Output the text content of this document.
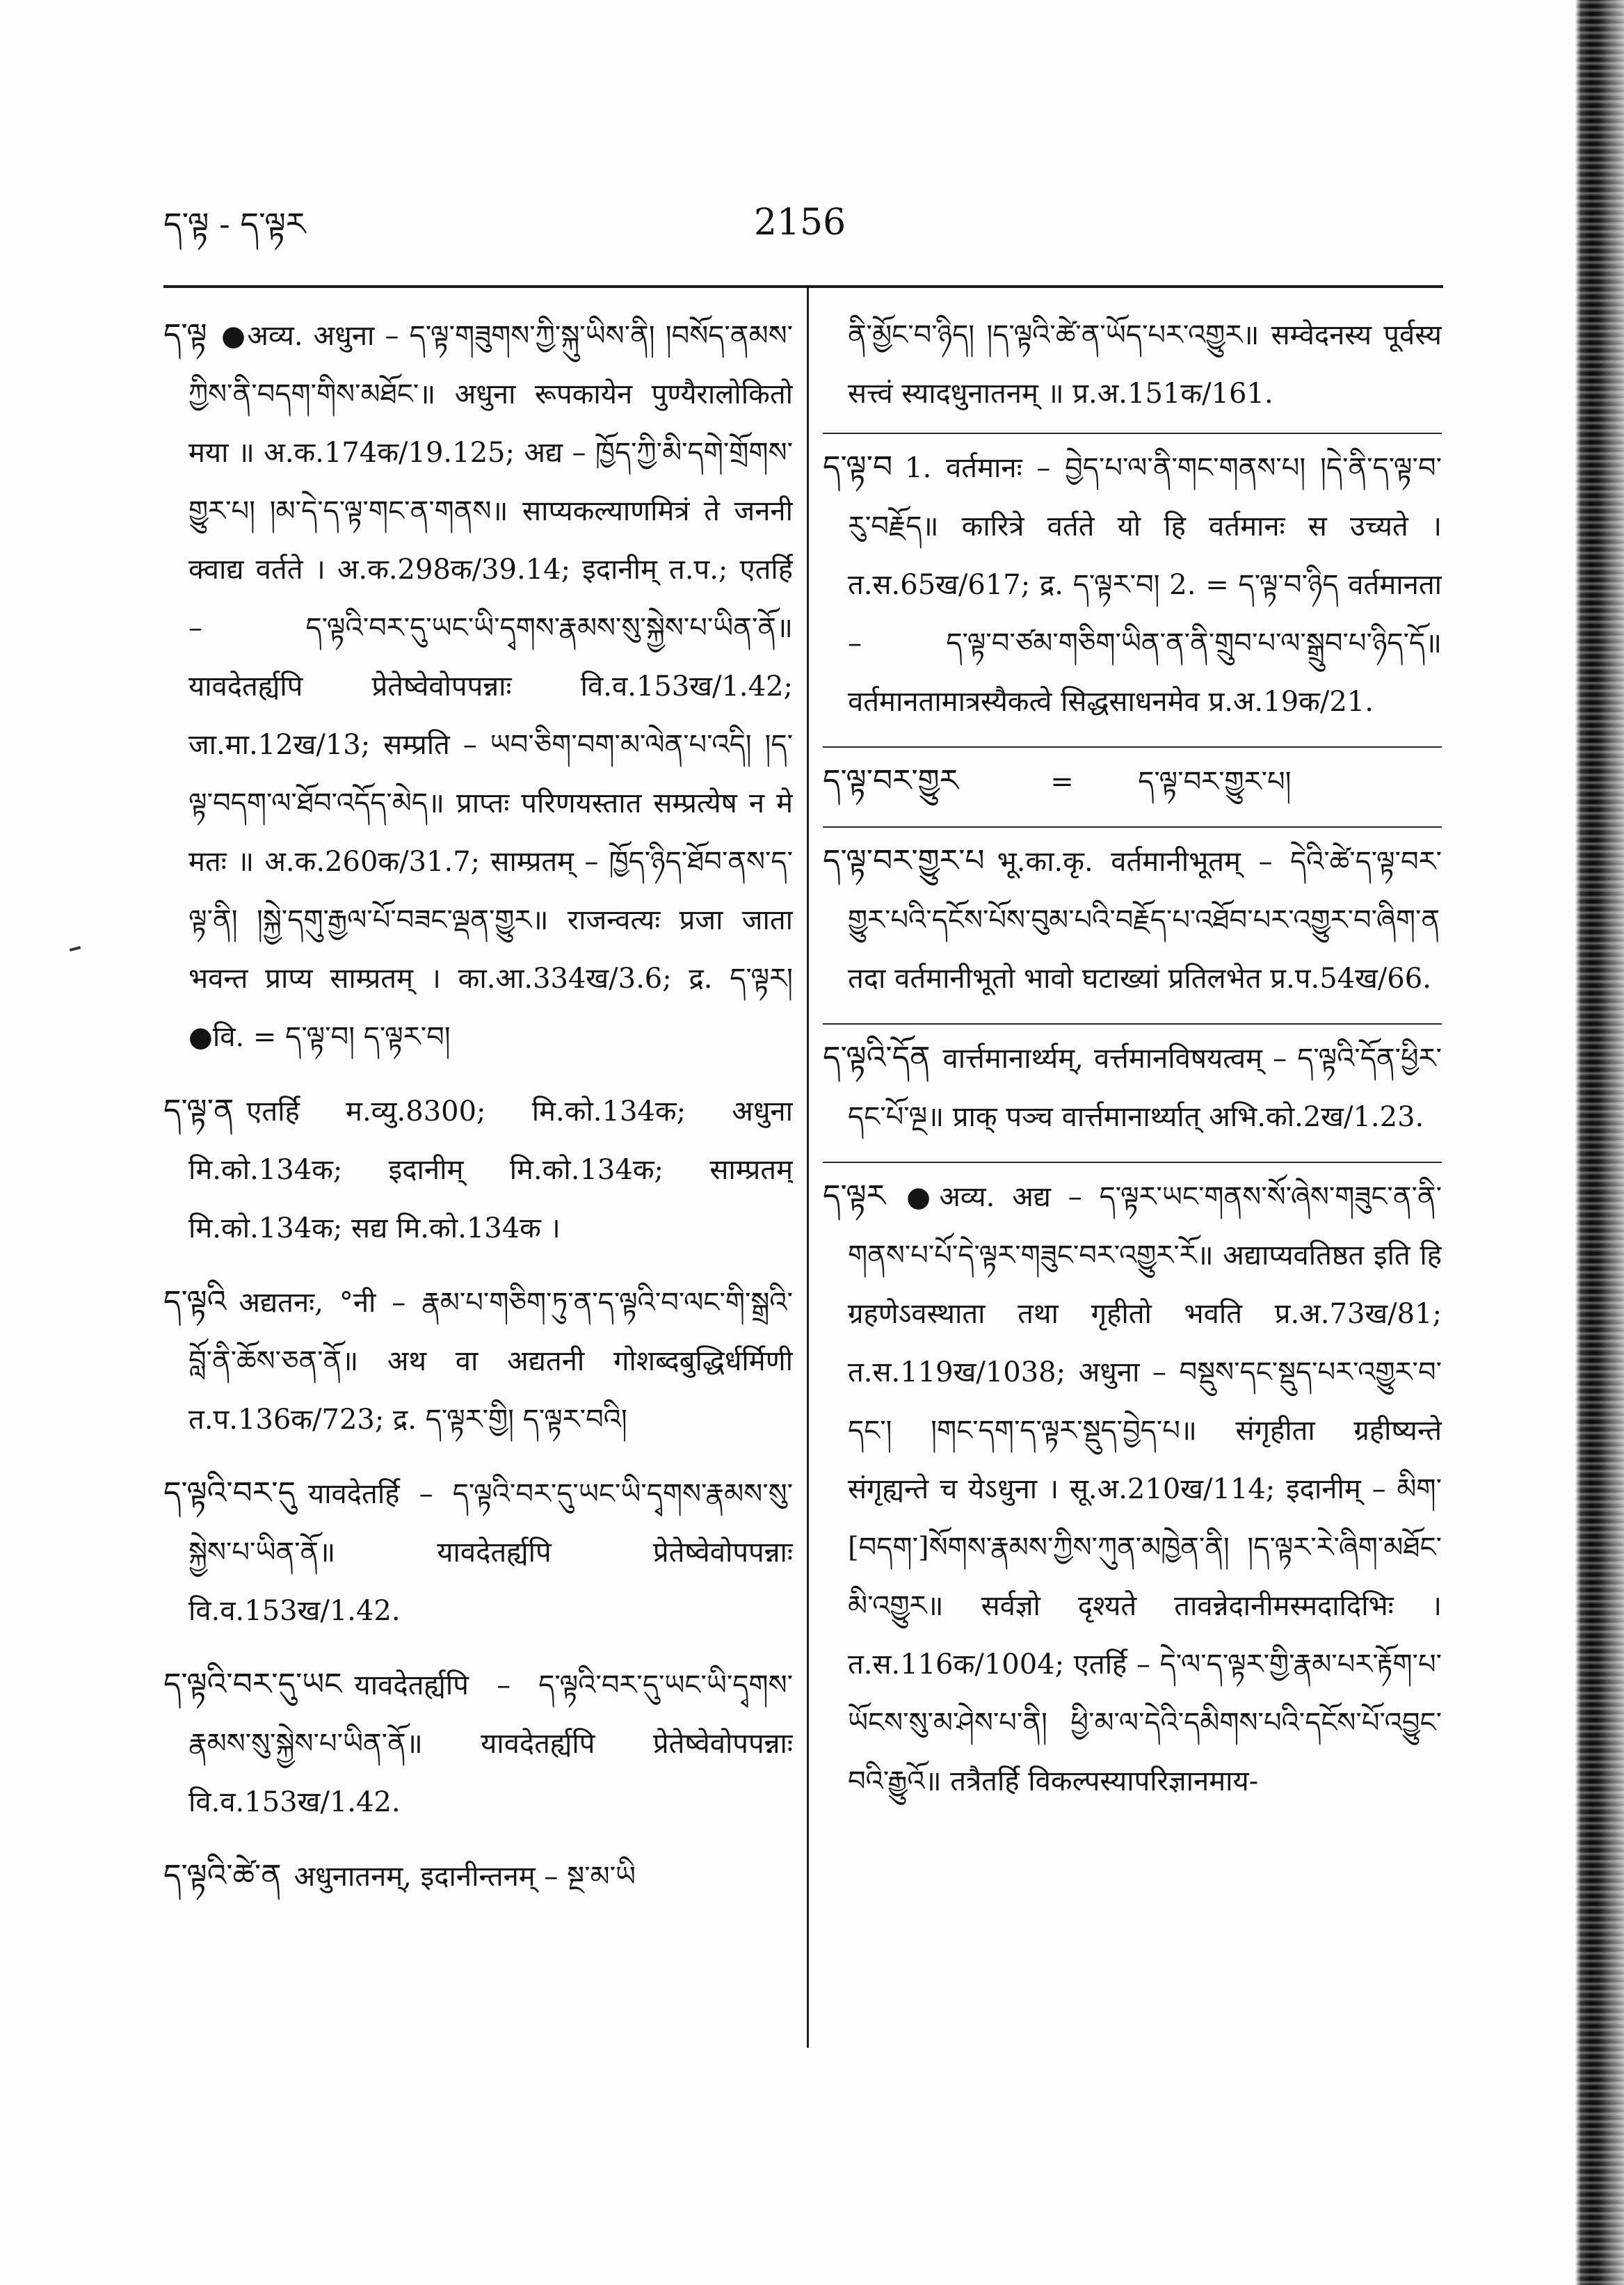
ད་ལྟ - ད་ལྟར	2156

ད་ལྟ ●अव्य. अधुना – ད་ལྟ་གཟུགས་ཀྱི་སྐུ་ཡིས་ནི། །བསོད་ནམས་ཀྱིས་ནི་བདག་གིས་མཐོང་॥ अधुना रूपकायेन पुण्यैरालोकितो मया ॥ अ.क.174क/19.125; अद्य – ཁྱོད་ཀྱི་མི་དགེ་གྲོགས་གྱུར་པ། །མ་དེ་ད་ལྟ་གང་ན་གནས॥ साप्यकल्याणमित्रं ते जननी क्वाद्य वर्तते । अ.क.298क/39.14; इदानीम् त.प.; एतर्हि – ད་ལྟའི་བར་དུ་ཡང་ཡི་དྭགས་རྣམས་སུ་སྐྱེས་པ་ཡིན་ནོ॥ यावदेतर्ह्यपि प्रेतेष्वेवोपपन्नाः वि.व.153ख/1.42; जा.मा.12ख/13; सम्प्रति – ཡབ་ཅིག་བག་མ་ལེན་པ་འདི། །ད་ལྟ་བདག་ལ་ཐོབ་འདོད་མེད॥ प्राप्तः परिणयस्तात सम्प्रत्येष न मे मतः ॥ अ.क.260क/31.7; साम्प्रतम् – ཁྱོད་ཉིད་ཐོབ་ནས་ད་ལྟ་ནི། །སྐྱེ་དགུ་རྒྱལ་པོ་བཟང་ལྡན་གྱུར॥ राजन्वत्यः प्रजा जाता भवन्त प्राप्य साम्प्रतम् । का.आ.334ख/3.6; द्र. ད་ལྟར། ●वि. = ད་ལྟ་བ། ད་ལྟར་བ།

ད་ལྟ་ན एतर्हि म.व्यु.8300; मि.को.134क; अधुना मि.को.134क; इदानीम् मि.को.134क; साम्प्रतम् मि.को.134क; सद्य मि.को.134क ।

ད་ལྟའི अद्यतनः, °नी – རྣམ་པ་གཅིག་ཏུ་ན་ད་ལྟའི་བ་ལང་གི་སྒྲའི་བློ་ནི་ཆོས་ཅན་ནོ॥ अथ वा अद्यतनी गोशब्दबुद्धिर्धर्मिणी त.प.136क/723; द्र. ད་ལྟར་གྱི། ད་ལྟར་བའི།

ད་ལྟའི་བར་དུ यावदेतर्हि – ད་ལྟའི་བར་དུ་ཡང་ཡི་དྭགས་རྣམས་སུ་སྐྱེས་པ་ཡིན་ནོ॥ यावदेतर्ह्यपि प्रेतेष्वेवोपपन्नाः वि.व.153ख/1.42.

ད་ལྟའི་བར་དུ་ཡང यावदेतर्ह्यपि – ད་ལྟའི་བར་དུ་ཡང་ཡི་དྭགས་རྣམས་སུ་སྐྱེས་པ་ཡིན་ནོ॥ यावदेतर्ह्यपि प्रेतेष्वेवोपपन्नाः वि.व.153ख/1.42.

ད་ལྟའི་ཚེ་ན अधुनातनम्, इदानीन्तनम् – སྔ་མ་ཡི

ནི་མྱོང་བ་ཉིད། །ད་ལྟའི་ཚེ་ན་ཡོད་པར་འགྱུར॥ सम्वेदनस्य पूर्वस्य सत्त्वं स्यादधुनातनम् ॥ प्र.अ.151क/161.

ད་ལྟ་བ 1. वर्तमानः – བྱེད་པ་ལ་ནི་གང་གནས་པ། །དེ་ནི་ད་ལྟ་བ་རུ་བརྗོད॥ कारित्रे वर्तते यो हि वर्तमानः स उच्यते । त.स.65ख/617; द्र. ད་ལྟར་བ། 2. = ད་ལྟ་བ་ཉིད वर्तमानता – ད་ལྟ་བ་ཙམ་གཅིག་ཡིན་ན་ནི་གྲུབ་པ་ལ་སྒྲུབ་པ་ཉིད་དོ॥ वर्तमानतामात्रस्यैकत्वे सिद्धसाधनमेव प्र.अ.19क/21.

ད་ལྟ་བར་གྱུར	= ད་ལྟ་བར་གྱུར་པ།

ད་ལྟ་བར་གྱུར་པ भू.का.कृ. वर्तमानीभूतम् – དེའི་ཚེ་ད་ལྟ་བར་གྱུར་པའི་དངོས་པོས་བུམ་པའི་བརྗོད་པ་འཐོབ་པར་འགྱུར་བ་ཞིག་ན तदा वर्तमानीभूतो भावो घटाख्यां प्रतिलभेत प्र.प.54ख/66.

ད་ལྟའི་དོན वार्त्तमानार्थ्यम्, वर्त्तमानविषयत्वम् – ད་ལྟའི་དོན་ཕྱིར་དང་པོ་ལྔ॥ प्राक् पञ्च वार्त्तमानार्थ्यात् अभि.को.2ख/1.23.

ད་ལྟར ●अव्य. अद्य – ད་ལྟར་ཡང་གནས་སོ་ཞེས་གཟུང་ན་ནི་གནས་པ་པོ་དེ་ལྟར་གཟུང་བར་འགྱུར་རོ॥ अद्याप्यवतिष्ठत इति हि ग्रहणेऽवस्थाता तथा गृहीतो भवति प्र.अ.73ख/81; त.स.119ख/1038; अधुना – བསྡུས་དང་སྡུད་པར་འགྱུར་བ་དང་། །གང་དག་ད་ལྟར་སྡུད་བྱེད་པ॥ संगृहीता ग्रहीष्यन्ते संगृह्यन्ते च येऽधुना । सू.अ.210ख/114; इदानीम् – མིག་[བདག་]སོགས་རྣམས་ཀྱིས་ཀུན་མཁྱེན་ནི། །ད་ལྟར་རེ་ཞིག་མཐོང་མི་འགྱུར॥ सर्वज्ञो दृश्यते तावन्नेदानीमस्मदादिभिः । त.स.116क/1004; एतर्हि – དེ་ལ་ད་ལྟར་གྱི་རྣམ་པར་རྟོག་པ་ཡོངས་སུ་མ་ཤེས་པ་ནི། ཕྱི་མ་ལ་དེའི་དམིགས་པའི་དངོས་པོ་འབྱུང་བའི་རྒྱུའོ॥ तत्रैतर्हि विकल्पस्यापरिज्ञानमाय-
